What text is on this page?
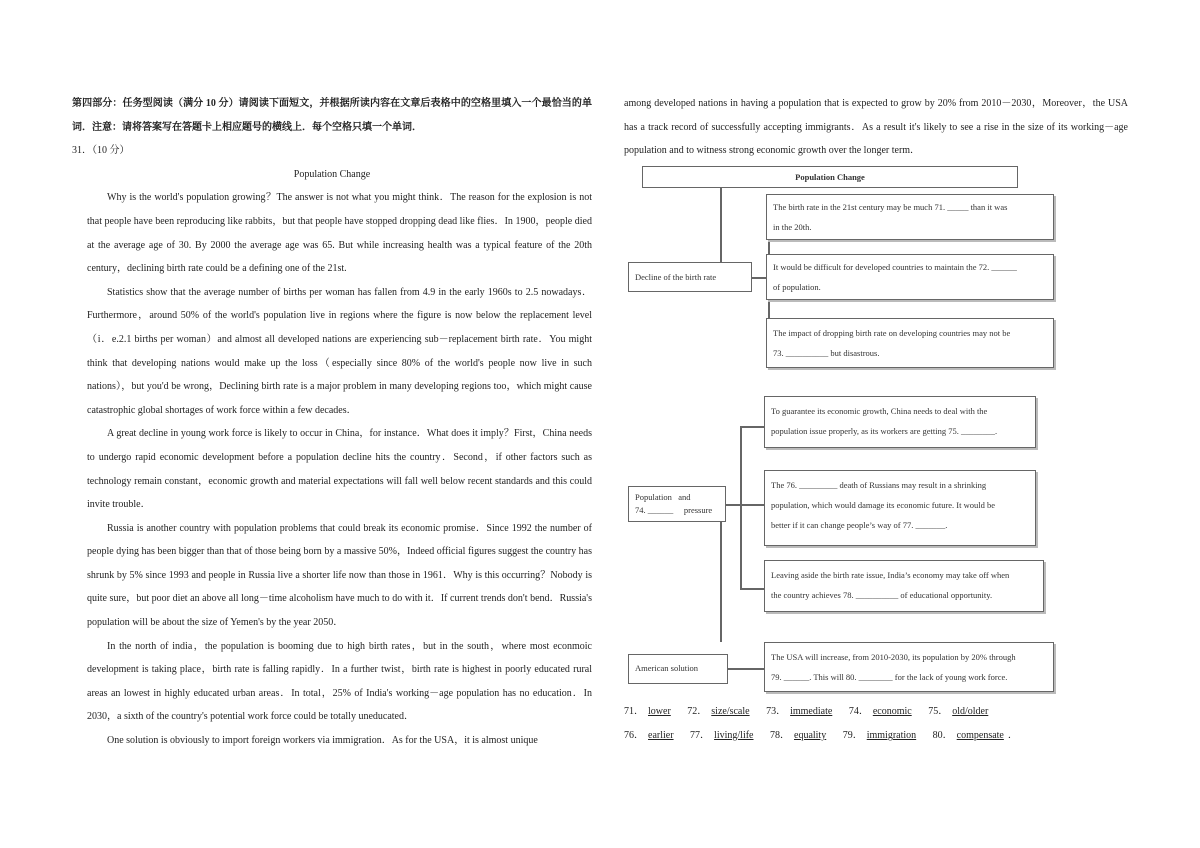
第四部分：任务型阅读（满分 10 分）请阅读下面短文，并根据所读内容在文章后表格中的空格里填入一个最恰当的单词．注意：请将答案写在答题卡上相应题号的横线上．每个空格只填一个单词．

31．（10 分）

Population Change

Why is the world's population growing？The answer is not what you might think．The reason for the explosion is not that people have been reproducing like rabbits，but that people have stopped dropping dead like flies．In 1900，people died at the average age of 30. By 2000 the average age was 65. But while increasing health was a typical feature of the 20th century，declining birth rate could be a defining one of the 21st.

Statistics show that the average number of births per woman has fallen from 4.9 in the early 1960s to 2.5 nowadays．Furthermore，around 50% of the world's population live in regions where the figure is now below the replacement level（i．e.2.1 births per woman）and almost all developed nations are experiencing sub－replacement birth rate．You might think that developing nations would make up the loss（especially since 80% of the world's people now live in such nations），but you'd be wrong，Declining birth rate is a major problem in many developing regions too，which might cause catastrophic global shortages of work force within a few decades．

A great decline in young work force is likely to occur in China，for instance．What does it imply？First，China needs to undergo rapid economic development before a population decline hits the country．Second，if other factors such as technology remain constant，economic growth and material expectations will fall well below recent standards and this could invite trouble．

Russia is another country with population problems that could break its economic promise．Since 1992 the number of people dying has been bigger than that of those being born by a massive 50%，Indeed official figures suggest the country has shrunk by 5% since 1993 and people in Russia live a shorter life now than those in 1961．Why is this occurring？Nobody is quite sure，but poor diet an above all long－time alcoholism have much to do with it．If current trends don't bend．Russia's population will be about the size of Yemen's by the year 2050．

In the north of india，the population is booming due to high birth rates，but in the south，where most econmoic development is taking place，birth rate is falling rapidly．In a further twist，birth rate is highest in poorly educated rural areas an lowest in highly educated urban areas．In total，25% of India's working－age population has no education．In 2030，a sixth of the country's potential work force could be totally uneducated．

One solution is obviously to import foreign workers via immigration．As for the USA，it is almost unique

among developed nations in having a population that is expected to grow by 20% from 2010－2030，Moreover，the USA has a track record of successfully accepting immigrants．As a result it's likely to see a rise in the size of its working－age population and to witness strong economic growth over the longer term．

Population Change
Decline of the birth rate
The birth rate in the 21st century may be much 71. _____ than it was
in the 20th.
It would be difficult for developed countries to maintain the 72. ______
of population.
The impact of dropping birth rate on developing countries may not be
73. __________ but disastrous.
Population   and
74. ______     pressure
To guarantee its economic growth, China needs to deal with the
population issue properly, as its workers are getting 75. ________.
The 76. _________ death of Russians may result in a shrinking
population, which would damage its economic future. It would be
better if it can change people’s way of 77. _______.
Leaving aside the birth rate issue, India’s economy may take off when
the country achieves 78. __________ of educational opportunity.
American solution
The USA will increase, from 2010-2030, its population by 20% through
79. ______. This will 80. ________ for the lack of young work force.
71． lower 72． size/scale 73． immediate 74． economic 75． old/older
76． earlier 77． living/life 78． equality 79． immigration 80． compensate ．
